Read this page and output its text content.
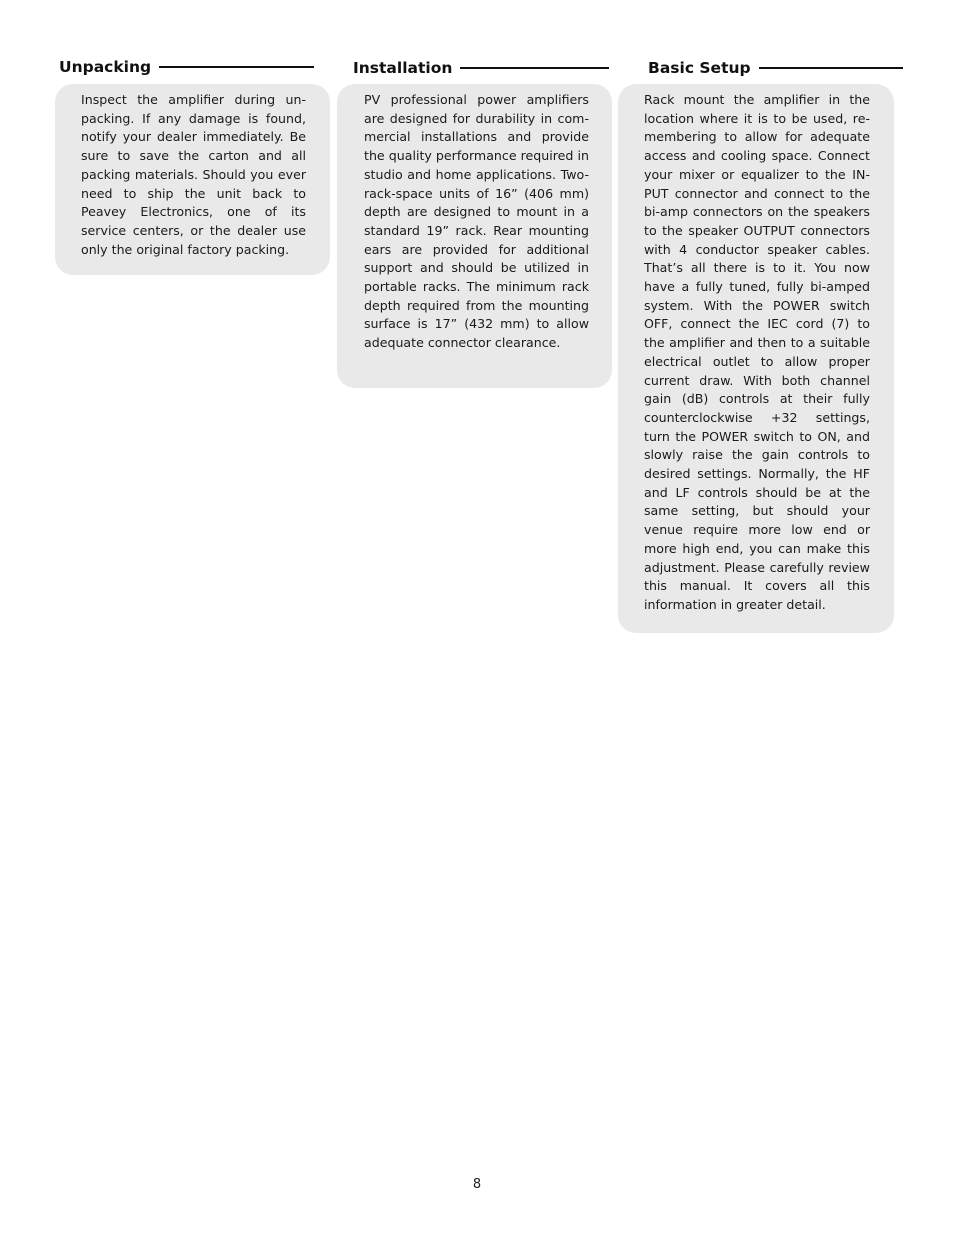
Unpacking

Inspect the amplifier during unpacking. If any damage is found, notify your dealer immediately. Be sure to save the carton and all packing materials. Should you ever need to ship the unit back to Peavey Electronics, one of its service centers, or the dealer use only the original factory packing.

Installation

PV professional power amplifiers are designed for durability in commercial installations and provide the quality performance required in studio and home applications. Two-rack-space units of 16” (406 mm) depth are designed to mount in a standard 19” rack. Rear mounting ears are provided for additional support and should be utilized in portable racks. The minimum rack depth required from the mounting surface is 17” (432 mm) to allow adequate connector clearance.

Basic Setup

Rack mount the amplifier in the location where it is to be used, remembering to allow for adequate access and cooling space. Connect your mixer or equalizer to the INPUT connector and connect to the bi-amp connectors on the speakers to the speaker OUTPUT connectors with 4 conductor speaker cables. That’s all there is to it. You now have a fully tuned, fully bi-amped system. With the POWER switch OFF, connect the IEC cord (7) to the amplifier and then to a suitable electrical outlet to allow proper current draw. With both channel gain (dB) controls at their fully counterclockwise +32 settings, turn the POWER switch to ON, and slowly raise the gain controls to desired settings. Normally, the HF and LF controls should be at the same setting, but should your venue require more low end or more high end, you can make this adjustment. Please carefully review this manual. It covers all this information in greater detail.

8
